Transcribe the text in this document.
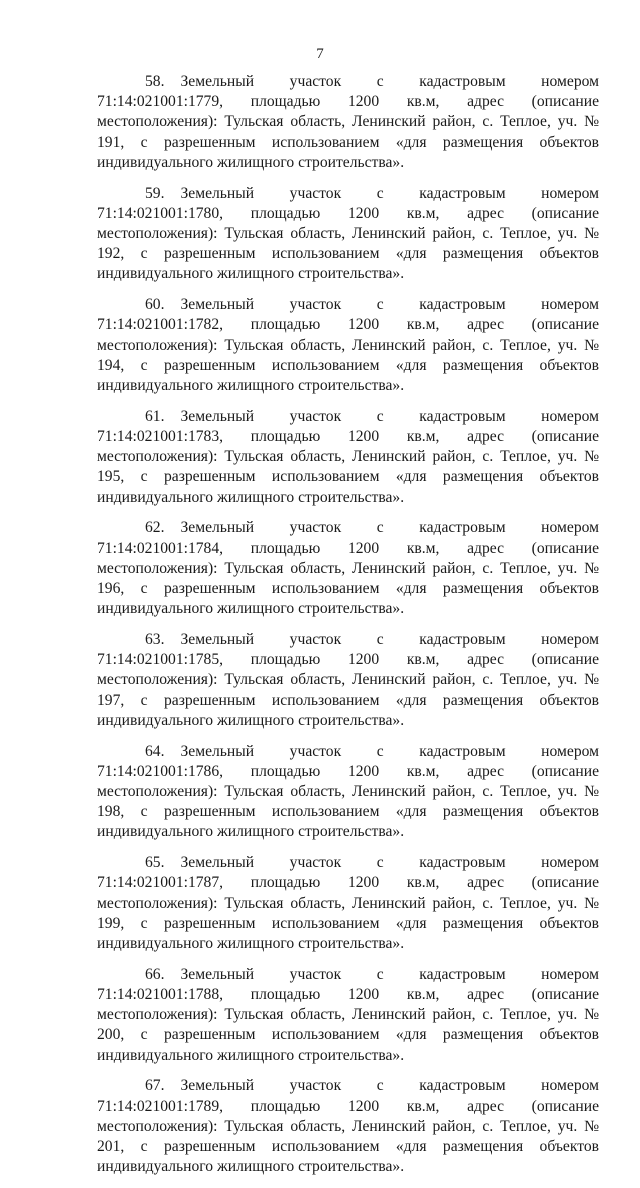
7

58. Земельный участок с кадастровым номером 71:14:021001:1779, площадью 1200 кв.м, адрес (описание местоположения): Тульская область, Ленинский район, с. Теплое, уч. № 191, с разрешенным использованием «для размещения объектов индивидуального жилищного строительства».

59. Земельный участок с кадастровым номером 71:14:021001:1780, площадью 1200 кв.м, адрес (описание местоположения): Тульская область, Ленинский район, с. Теплое, уч. № 192, с разрешенным использованием «для размещения объектов индивидуального жилищного строительства».

60. Земельный участок с кадастровым номером 71:14:021001:1782, площадью 1200 кв.м, адрес (описание местоположения): Тульская область, Ленинский район, с. Теплое, уч. № 194, с разрешенным использованием «для размещения объектов индивидуального жилищного строительства».

61. Земельный участок с кадастровым номером 71:14:021001:1783, площадью 1200 кв.м, адрес (описание местоположения): Тульская область, Ленинский район, с. Теплое, уч. № 195, с разрешенным использованием «для размещения объектов индивидуального жилищного строительства».

62. Земельный участок с кадастровым номером 71:14:021001:1784, площадью 1200 кв.м, адрес (описание местоположения): Тульская область, Ленинский район, с. Теплое, уч. № 196, с разрешенным использованием «для размещения объектов индивидуального жилищного строительства».

63. Земельный участок с кадастровым номером 71:14:021001:1785, площадью 1200 кв.м, адрес (описание местоположения): Тульская область, Ленинский район, с. Теплое, уч. № 197, с разрешенным использованием «для размещения объектов индивидуального жилищного строительства».

64. Земельный участок с кадастровым номером 71:14:021001:1786, площадью 1200 кв.м, адрес (описание местоположения): Тульская область, Ленинский район, с. Теплое, уч. № 198, с разрешенным использованием «для размещения объектов индивидуального жилищного строительства».

65. Земельный участок с кадастровым номером 71:14:021001:1787, площадью 1200 кв.м, адрес (описание местоположения): Тульская область, Ленинский район, с. Теплое, уч. № 199, с разрешенным использованием «для размещения объектов индивидуального жилищного строительства».

66. Земельный участок с кадастровым номером 71:14:021001:1788, площадью 1200 кв.м, адрес (описание местоположения): Тульская область, Ленинский район, с. Теплое, уч. № 200, с разрешенным использованием «для размещения объектов индивидуального жилищного строительства».

67. Земельный участок с кадастровым номером 71:14:021001:1789, площадью 1200 кв.м, адрес (описание местоположения): Тульская область, Ленинский район, с. Теплое, уч. № 201, с разрешенным использованием «для размещения объектов индивидуального жилищного строительства».
